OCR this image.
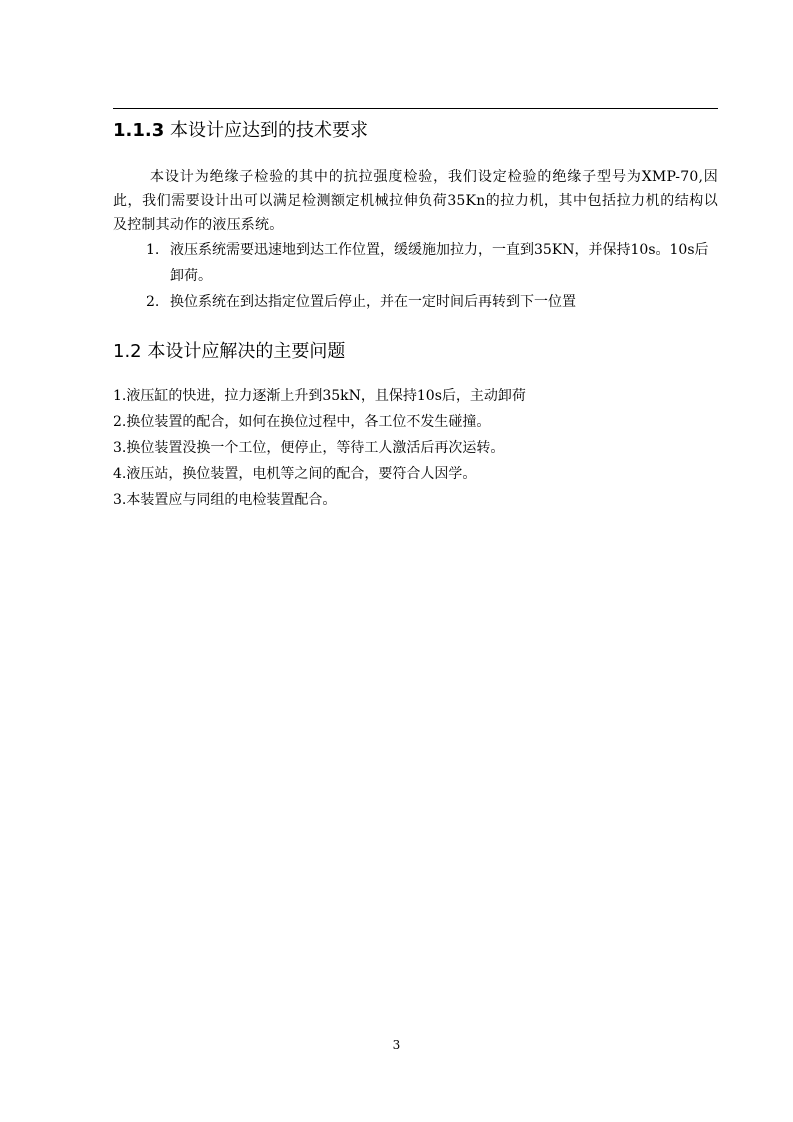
1.1.3 本设计应达到的技术要求

本设计为绝缘子检验的其中的抗拉强度检验，我们设定检验的绝缘子型号为XMP-70,因此，我们需要设计出可以满足检测额定机械拉伸负荷35Kn的拉力机，其中包括拉力机的结构以及控制其动作的液压系统。

1. 液压系统需要迅速地到达工作位置，缓缓施加拉力，一直到35KN，并保持10s。10s后卸荷。
2. 换位系统在到达指定位置后停止，并在一定时间后再转到下一位置
1.2 本设计应解决的主要问题

1.液压缸的快进，拉力逐渐上升到35kN，且保持10s后，主动卸荷

2.换位装置的配合，如何在换位过程中，各工位不发生碰撞。

3.换位装置没换一个工位，便停止，等待工人激活后再次运转。

4.液压站，换位装置，电机等之间的配合，要符合人因学。

3.本装置应与同组的电检装置配合。

3
